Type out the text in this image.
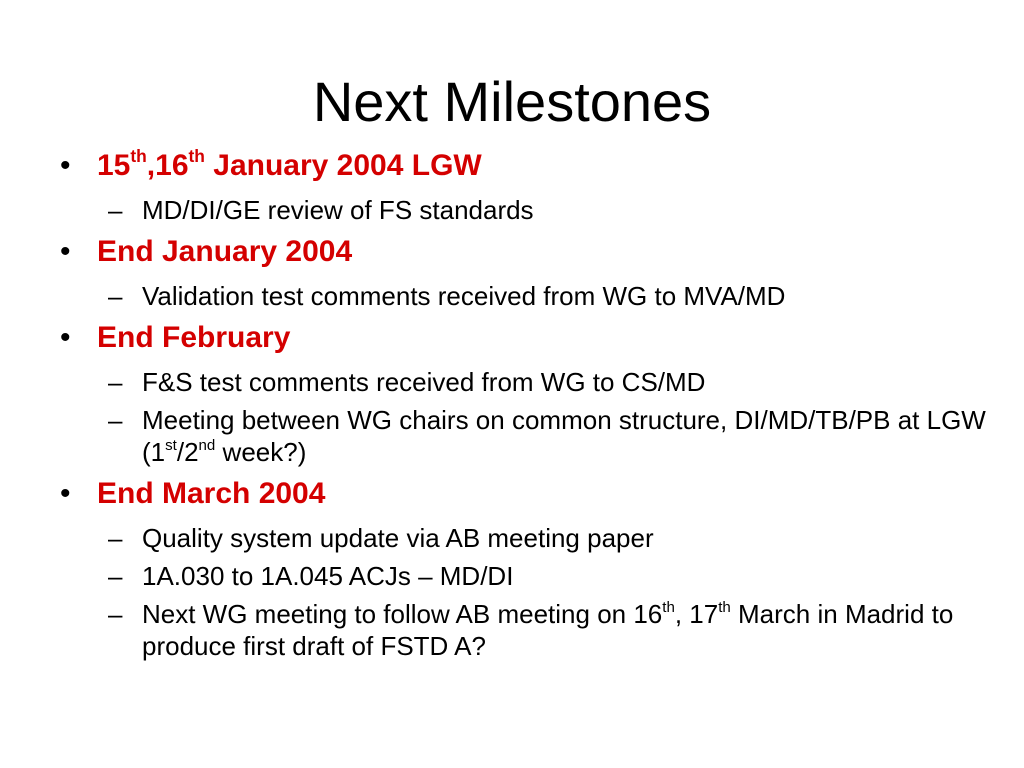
Next Milestones
• 15th,16th January 2004 LGW
– MD/DI/GE review of FS standards
• End January 2004
– Validation test comments received from WG to MVA/MD
• End February
– F&S test comments received from WG to CS/MD
– Meeting between WG chairs on common structure, DI/MD/TB/PB at LGW (1st/2nd week?)
• End March 2004
– Quality system update via AB meeting paper
– 1A.030 to 1A.045 ACJs – MD/DI
– Next WG meeting to follow AB meeting on 16th, 17th March in Madrid to produce first draft of FSTD A?
